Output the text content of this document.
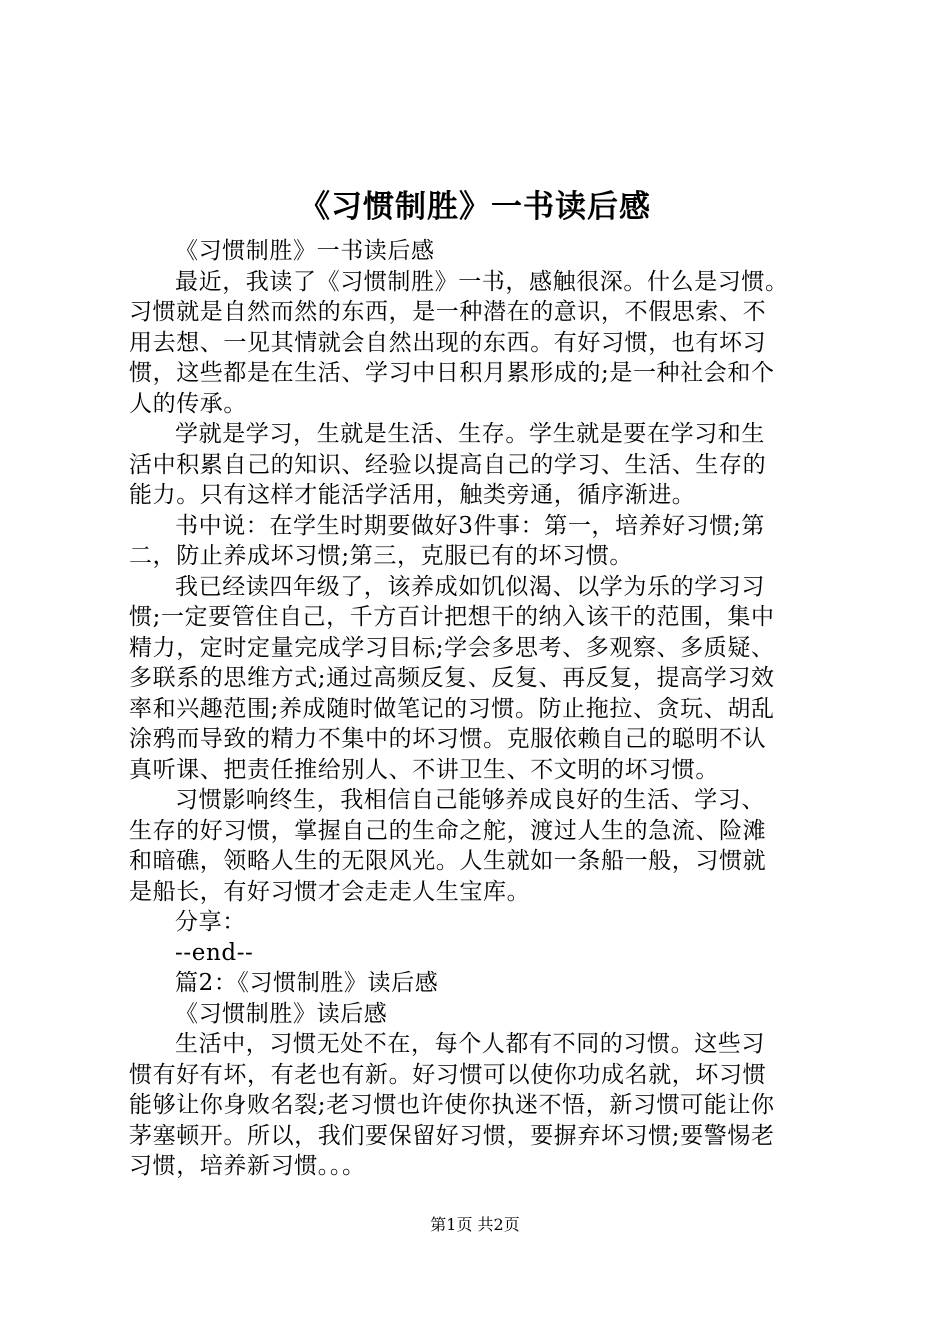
《习惯制胜》一书读后感
《习惯制胜》一书读后感
最近，我读了《习惯制胜》一书，感触很深。什么是习惯。
习惯就是自然而然的东西，是一种潜在的意识，不假思索、不
用去想、一见其情就会自然出现的东西。有好习惯，也有坏习
惯，这些都是在生活、学习中日积月累形成的;是一种社会和个
人的传承。
学就是学习，生就是生活、生存。学生就是要在学习和生
活中积累自己的知识、经验以提高自己的学习、生活、生存的
能力。只有这样才能活学活用，触类旁通，循序渐进。
书中说：在学生时期要做好3件事：第一，培养好习惯;第
二，防止养成坏习惯;第三，克服已有的坏习惯。
我已经读四年级了，该养成如饥似渴、以学为乐的学习习
惯;一定要管住自己，千方百计把想干的纳入该干的范围，集中
精力，定时定量完成学习目标;学会多思考、多观察、多质疑、
多联系的思维方式;通过高频反复、反复、再反复，提高学习效
率和兴趣范围;养成随时做笔记的习惯。防止拖拉、贪玩、胡乱
涂鸦而导致的精力不集中的坏习惯。克服依赖自己的聪明不认
真听课、把责任推给别人、不讲卫生、不文明的坏习惯。
习惯影响终生，我相信自己能够养成良好的生活、学习、
生存的好习惯，掌握自己的生命之舵，渡过人生的急流、险滩
和暗礁，领略人生的无限风光。人生就如一条船一般，习惯就
是船长，有好习惯才会走走人生宝库。
分享：
--end--
篇2：《习惯制胜》读后感
《习惯制胜》读后感
生活中，习惯无处不在，每个人都有不同的习惯。这些习
惯有好有坏，有老也有新。好习惯可以使你功成名就，坏习惯
能够让你身败名裂;老习惯也许使你执迷不悟，新习惯可能让你
茅塞顿开。所以，我们要保留好习惯，要摒弃坏习惯;要警惕老
习惯，培养新习惯。。。
第1页 共2页
